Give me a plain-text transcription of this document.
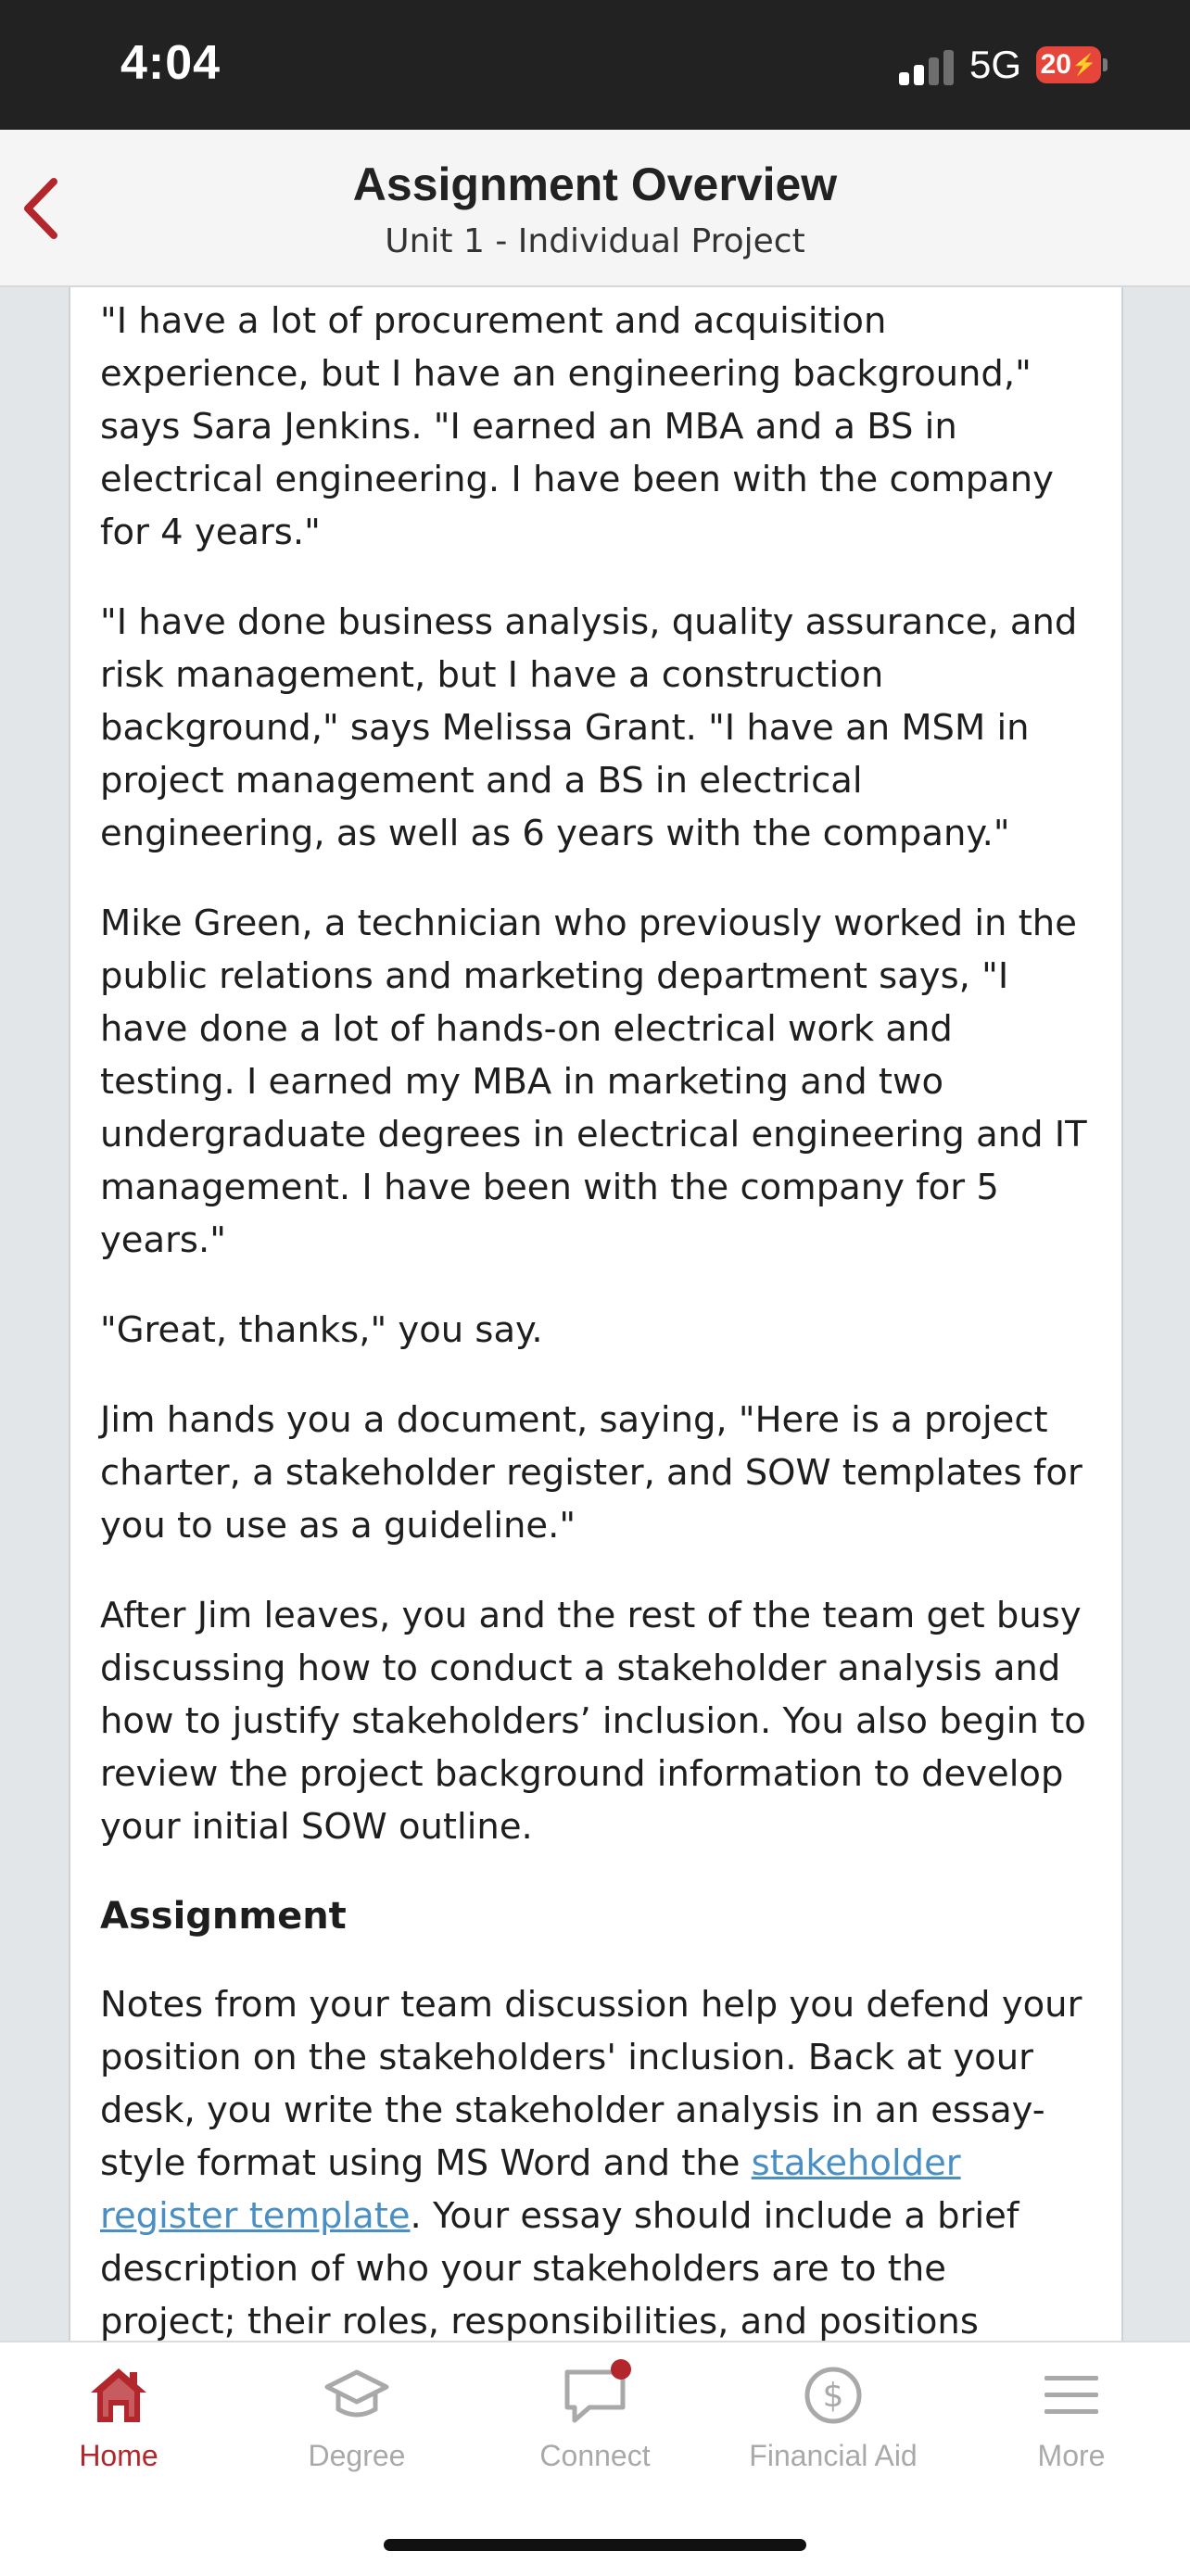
4:04	5G 20 ⚡
Assignment Overview
Unit 1 - Individual Project

"I have a lot of procurement and acquisition experience, but I have an engineering background," says Sara Jenkins. "I earned an MBA and a BS in electrical engineering. I have been with the company for 4 years."

"I have done business analysis, quality assurance, and risk management, but I have a construction background," says Melissa Grant. "I have an MSM in project management and a BS in electrical engineering, as well as 6 years with the company."

Mike Green, a technician who previously worked in the public relations and marketing department says, "I have done a lot of hands-on electrical work and testing. I earned my MBA in marketing and two undergraduate degrees in electrical engineering and IT management. I have been with the company for 5 years."

"Great, thanks," you say.

Jim hands you a document, saying, "Here is a project charter, a stakeholder register, and SOW templates for you to use as a guideline."

After Jim leaves, you and the rest of the team get busy discussing how to conduct a stakeholder analysis and how to justify stakeholders’ inclusion. You also begin to review the project background information to develop your initial SOW outline.

Assignment

Notes from your team discussion help you defend your position on the stakeholders' inclusion. Back at your desk, you write the stakeholder analysis in an essay-style format using MS Word and the stakeholder register template. Your essay should include a brief description of who your stakeholders are to the project; their roles, responsibilities, and positions

Home	Degree	Connect
$
Financial Aid	More
